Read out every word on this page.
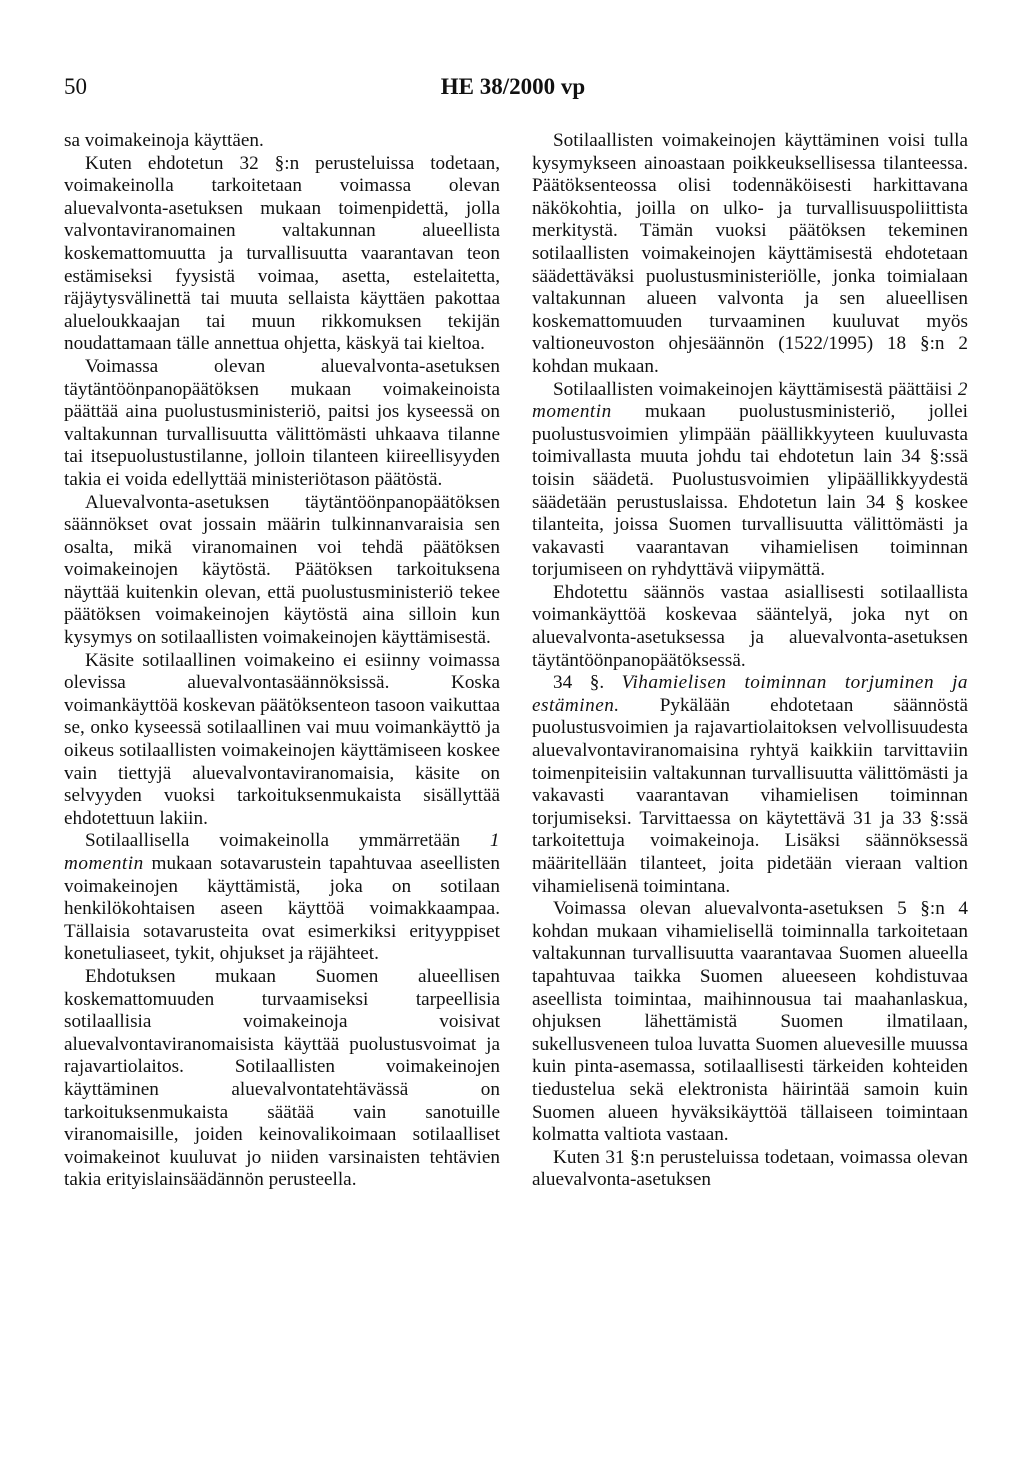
50	HE 38/2000 vp

sa voimakeinoja käyttäen.

Kuten ehdotetun 32 §:n perusteluissa todetaan, voimakeinolla tarkoitetaan voimassa olevan aluevalvonta-asetuksen mukaan toimenpidettä, jolla valvontaviranomainen valtakunnan alueellista koskemattomuutta ja turvallisuutta vaarantavan teon estämiseksi fyysistä voimaa, asetta, estelaitetta, räjäytysvälinettä tai muuta sellaista käyttäen pakottaa alueloukkaajan tai muun rikkomuksen tekijän noudattamaan tälle annettua ohjetta, käskyä tai kieltoa.

Voimassa olevan aluevalvonta-asetuksen täytäntöönpanopäätöksen mukaan voimakeinoista päättää aina puolustusministeriö, paitsi jos kyseessä on valtakunnan turvallisuutta välittömästi uhkaava tilanne tai itsepuolustustilanne, jolloin tilanteen kiireellisyyden takia ei voida edellyttää ministeriötason päätöstä.

Aluevalvonta-asetuksen täytäntöönpanopäätöksen säännökset ovat jossain määrin tulkinnanvaraisia sen osalta, mikä viranomainen voi tehdä päätöksen voimakeinojen käytöstä. Päätöksen tarkoituksena näyttää kuitenkin olevan, että puolustusministeriö tekee päätöksen voimakeinojen käytöstä aina silloin kun kysymys on sotilaallisten voimakeinojen käyttämisestä.

Käsite sotilaallinen voimakeino ei esiinny voimassa olevissa aluevalvontasäännöksissä. Koska voimankäyttöä koskevan päätöksenteon tasoon vaikuttaa se, onko kyseessä sotilaallinen vai muu voimankäyttö ja oikeus sotilaallisten voimakeinojen käyttämiseen koskee vain tiettyjä aluevalvontaviranomaisia, käsite on selvyyden vuoksi tarkoituksenmukaista sisällyttää ehdotettuun lakiin.

Sotilaallisella voimakeinolla ymmärretään 1 momentin mukaan sotavarustein tapahtuvaa aseellisten voimakeinojen käyttämistä, joka on sotilaan henkilökohtaisen aseen käyttöä voimakkaampaa. Tällaisia sotavarusteita ovat esimerkiksi erityyppiset konetuliaseet, tykit, ohjukset ja räjähteet.

Ehdotuksen mukaan Suomen alueellisen koskemattomuuden turvaamiseksi tarpeellisia sotilaallisia voimakeinoja voisivat aluevalvontaviranomaisista käyttää puolustusvoimat ja rajavartiolaitos. Sotilaallisten voimakeinojen käyttäminen aluevalvontatehtävässä on tarkoituksenmukaista säätää vain sanotuille viranomaisille, joiden keinovalikoimaan sotilaalliset voimakeinot kuuluvat jo niiden varsinaisten tehtävien takia erityislainsäädännön perusteella.

Sotilaallisten voimakeinojen käyttäminen voisi tulla kysymykseen ainoastaan poikkeuksellisessa tilanteessa. Päätöksenteossa olisi todennäköisesti harkittavana näkökohtia, joilla on ulko- ja turvallisuuspoliittista merkitystä. Tämän vuoksi päätöksen tekeminen sotilaallisten voimakeinojen käyttämisestä ehdotetaan säädettäväksi puolustusministeriölle, jonka toimialaan valtakunnan alueen valvonta ja sen alueellisen koskemattomuuden turvaaminen kuuluvat myös valtioneuvoston ohjesäännön (1522/1995) 18 §:n 2 kohdan mukaan.

Sotilaallisten voimakeinojen käyttämisestä päättäisi 2 momentin mukaan puolustusministeriö, jollei puolustusvoimien ylimpään päällikkyyteen kuuluvasta toimivallasta muuta johdu tai ehdotetun lain 34 §:ssä toisin säädetä. Puolustusvoimien ylipäällikkyydestä säädetään perustuslaissa. Ehdotetun lain 34 § koskee tilanteita, joissa Suomen turvallisuutta välittömästi ja vakavasti vaarantavan vihamielisen toiminnan torjumiseen on ryhdyttävä viipymättä.

Ehdotettu säännös vastaa asiallisesti sotilaallista voimankäyttöä koskevaa sääntelyä, joka nyt on aluevalvonta-asetuksessa ja aluevalvonta-asetuksen täytäntöönpanopäätöksessä.

34 §. Vihamielisen toiminnan torjuminen ja estäminen. Pykälään ehdotetaan säännöstä puolustusvoimien ja rajavartiolaitoksen velvollisuudesta aluevalvontaviranomaisina ryhtyä kaikkiin tarvittaviin toimenpiteisiin valtakunnan turvallisuutta välittömästi ja vakavasti vaarantavan vihamielisen toiminnan torjumiseksi. Tarvittaessa on käytettävä 31 ja 33 §:ssä tarkoitettuja voimakeinoja. Lisäksi säännöksessä määritellään tilanteet, joita pidetään vieraan valtion vihamielisenä toimintana.

Voimassa olevan aluevalvonta-asetuksen 5 §:n 4 kohdan mukaan vihamielisellä toiminnalla tarkoitetaan valtakunnan turvallisuutta vaarantavaa Suomen alueella tapahtuvaa taikka Suomen alueeseen kohdistuvaa aseellista toimintaa, maihinnousua tai maahanlaskua, ohjuksen lähettämistä Suomen ilmatilaan, sukellusveneen tuloa luvatta Suomen aluevesille muussa kuin pinta-asemassa, sotilaallisesti tärkeiden kohteiden tiedustelua sekä elektronista häirintää samoin kuin Suomen alueen hyväksikäyttöä tällaiseen toimintaan kolmatta valtiota vastaan.

Kuten 31 §:n perusteluissa todetaan, voimassa olevan aluevalvonta-asetuksen
